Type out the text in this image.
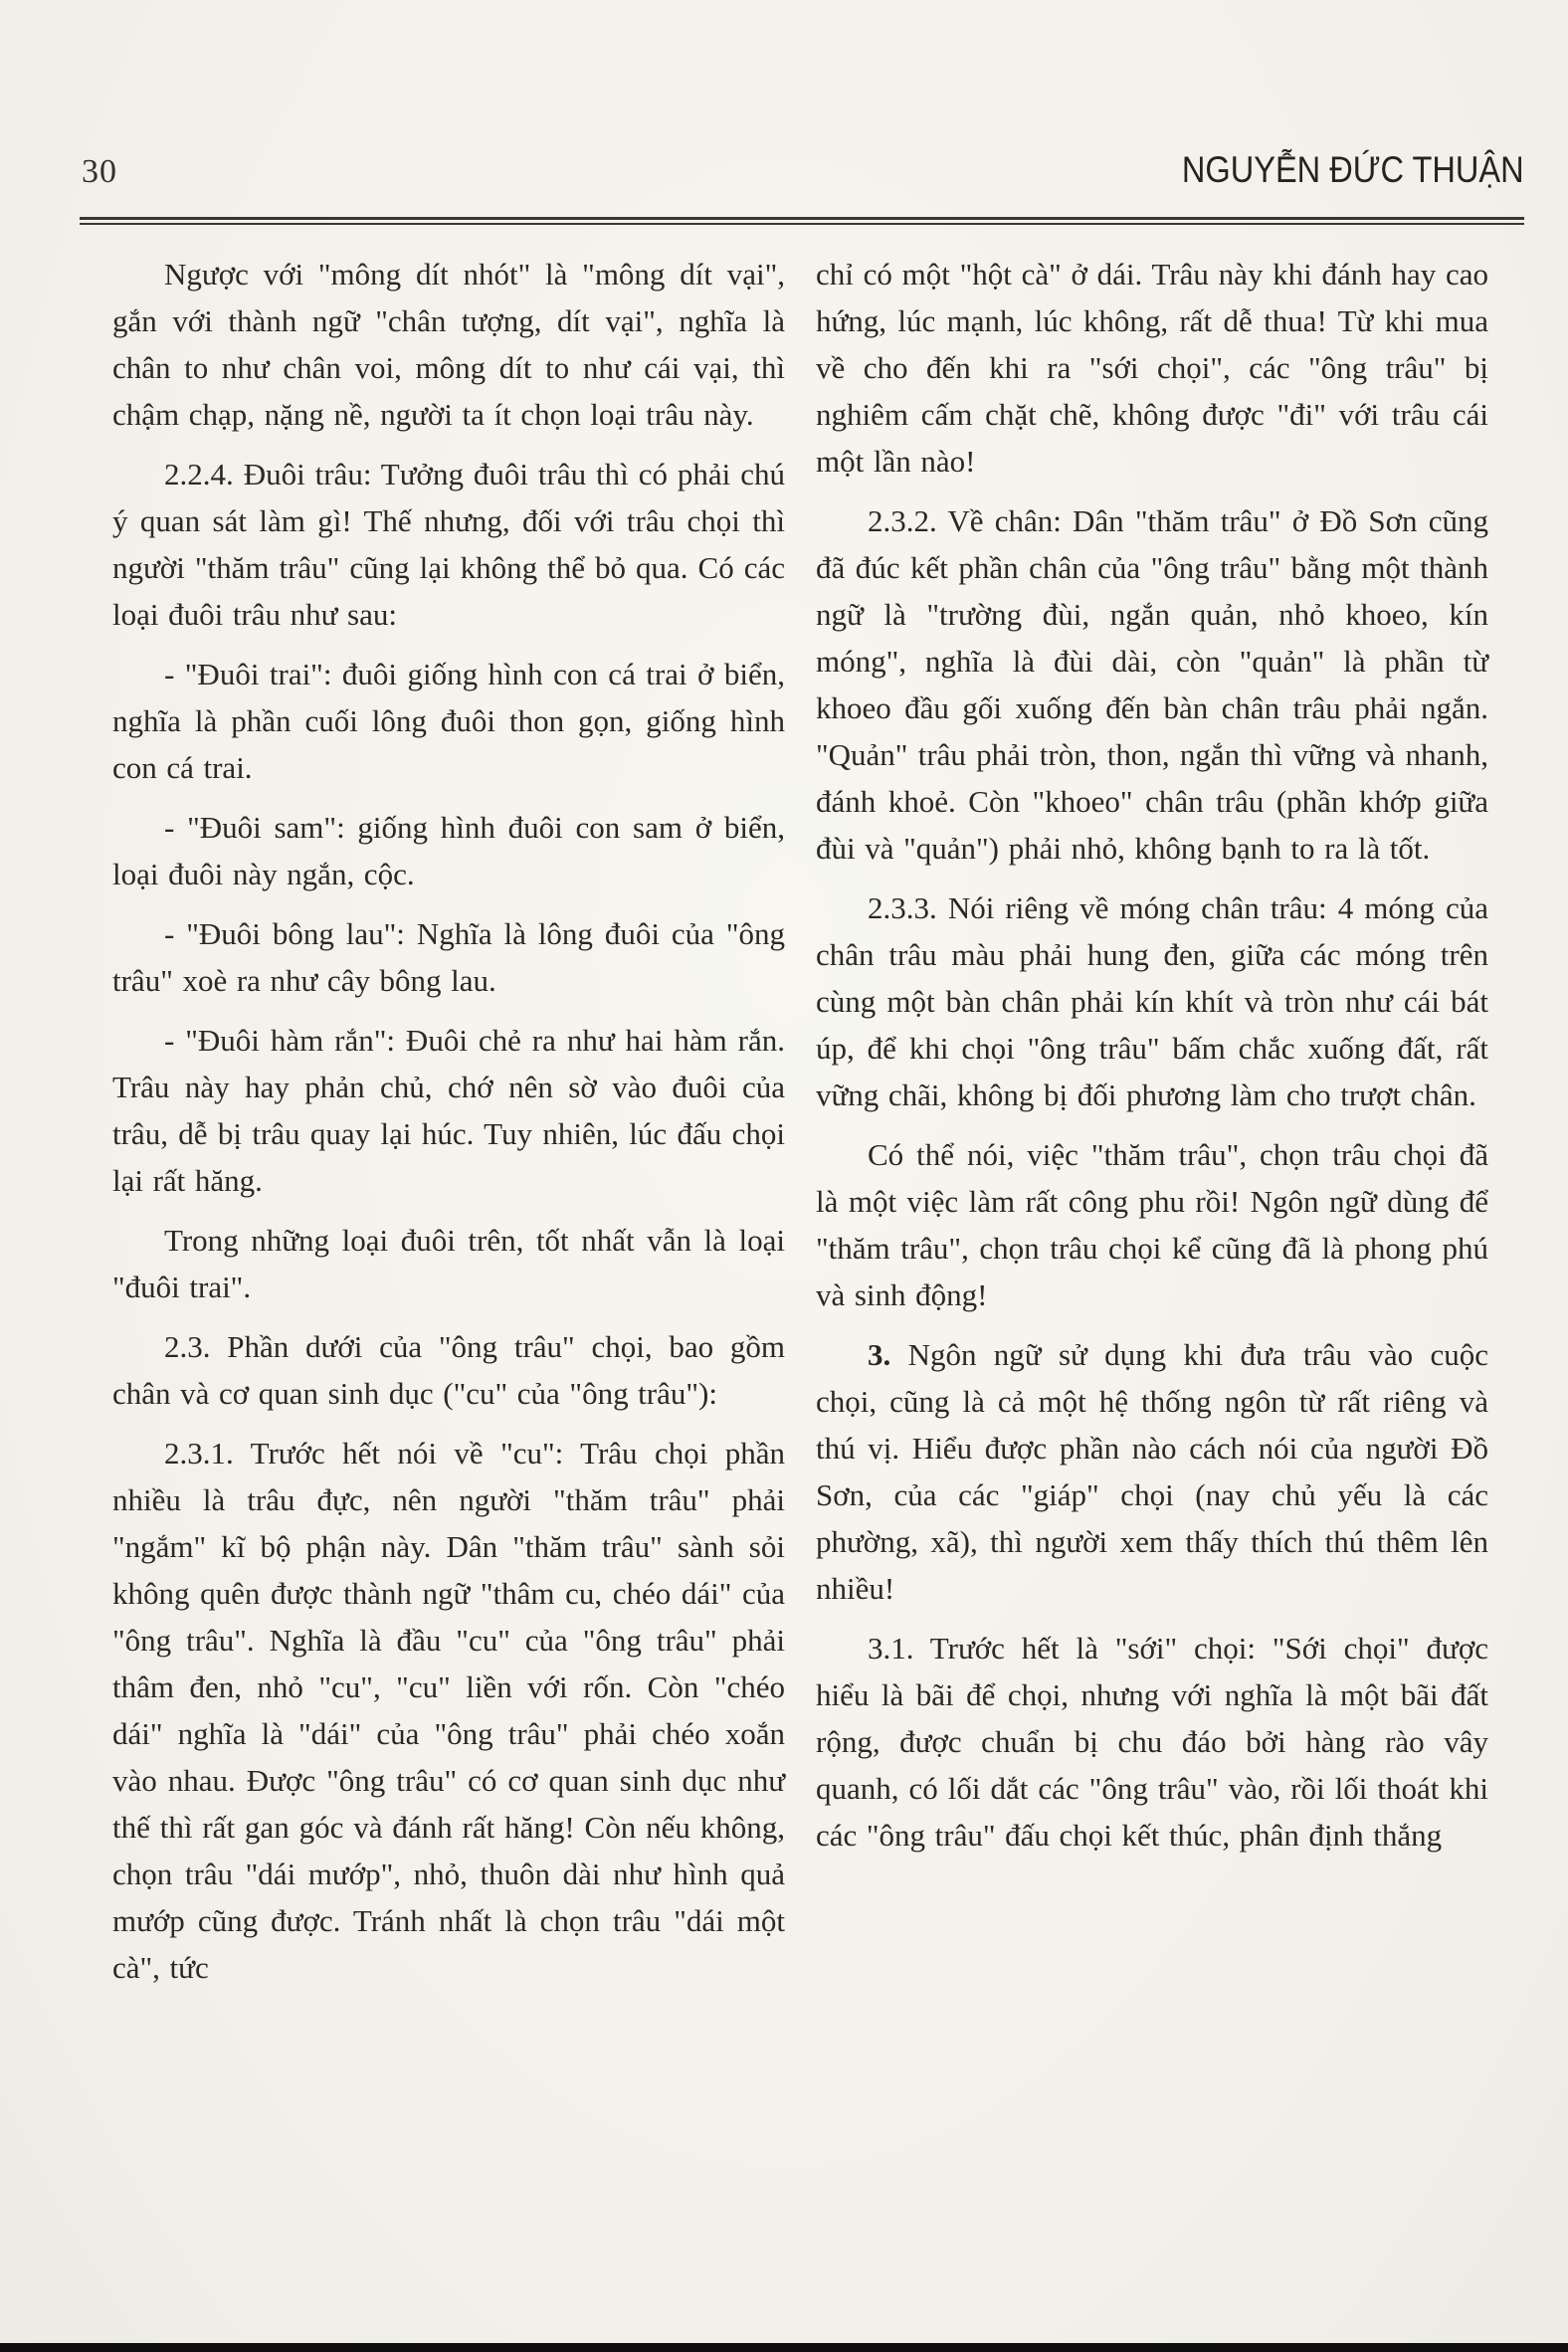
30	NGUYỄN ĐỨC THUẬN

Ngược với "mông dít nhót" là "mông dít vại", gắn với thành ngữ "chân tượng, dít vại", nghĩa là chân to như chân voi, mông dít to như cái vại, thì chậm chạp, nặng nề, người ta ít chọn loại trâu này.

2.2.4. Đuôi trâu: Tưởng đuôi trâu thì có phải chú ý quan sát làm gì! Thế nhưng, đối với trâu chọi thì người "thăm trâu" cũng lại không thể bỏ qua. Có các loại đuôi trâu như sau:

- "Đuôi trai": đuôi giống hình con cá trai ở biển, nghĩa là phần cuối lông đuôi thon gọn, giống hình con cá trai.

- "Đuôi sam": giống hình đuôi con sam ở biển, loại đuôi này ngắn, cộc.

- "Đuôi bông lau": Nghĩa là lông đuôi của "ông trâu" xoè ra như cây bông lau.

- "Đuôi hàm rắn": Đuôi chẻ ra như hai hàm rắn. Trâu này hay phản chủ, chớ nên sờ vào đuôi của trâu, dễ bị trâu quay lại húc. Tuy nhiên, lúc đấu chọi lại rất hăng.

Trong những loại đuôi trên, tốt nhất vẫn là loại "đuôi trai".

2.3. Phần dưới của "ông trâu" chọi, bao gồm chân và cơ quan sinh dục ("cu" của "ông trâu"):

2.3.1. Trước hết nói về "cu": Trâu chọi phần nhiều là trâu đực, nên người "thăm trâu" phải "ngắm" kĩ bộ phận này. Dân "thăm trâu" sành sỏi không quên được thành ngữ "thâm cu, chéo dái" của "ông trâu". Nghĩa là đầu "cu" của "ông trâu" phải thâm đen, nhỏ "cu", "cu" liền với rốn. Còn "chéo dái" nghĩa là "dái" của "ông trâu" phải chéo xoắn vào nhau. Được "ông trâu" có cơ quan sinh dục như thế thì rất gan góc và đánh rất hăng! Còn nếu không, chọn trâu "dái mướp", nhỏ, thuôn dài như hình quả mướp cũng được. Tránh nhất là chọn trâu "dái một cà", tức

chỉ có một "hột cà" ở dái. Trâu này khi đánh hay cao hứng, lúc mạnh, lúc không, rất dễ thua! Từ khi mua về cho đến khi ra "sới chọi", các "ông trâu" bị nghiêm cấm chặt chẽ, không được "đi" với trâu cái một lần nào!

2.3.2. Về chân: Dân "thăm trâu" ở Đồ Sơn cũng đã đúc kết phần chân của "ông trâu" bằng một thành ngữ là "trường đùi, ngắn quản, nhỏ khoeo, kín móng", nghĩa là đùi dài, còn "quản" là phần từ khoeo đầu gối xuống đến bàn chân trâu phải ngắn. "Quản" trâu phải tròn, thon, ngắn thì vững và nhanh, đánh khoẻ. Còn "khoeo" chân trâu (phần khớp giữa đùi và "quản") phải nhỏ, không bạnh to ra là tốt.

2.3.3. Nói riêng về móng chân trâu: 4 móng của chân trâu màu phải hung đen, giữa các móng trên cùng một bàn chân phải kín khít và tròn như cái bát úp, để khi chọi "ông trâu" bấm chắc xuống đất, rất vững chãi, không bị đối phương làm cho trượt chân.

Có thể nói, việc "thăm trâu", chọn trâu chọi đã là một việc làm rất công phu rồi! Ngôn ngữ dùng để "thăm trâu", chọn trâu chọi kể cũng đã là phong phú và sinh động!

3. Ngôn ngữ sử dụng khi đưa trâu vào cuộc chọi, cũng là cả một hệ thống ngôn từ rất riêng và thú vị. Hiểu được phần nào cách nói của người Đồ Sơn, của các "giáp" chọi (nay chủ yếu là các phường, xã), thì người xem thấy thích thú thêm lên nhiều!

3.1. Trước hết là "sới" chọi: "Sới chọi" được hiểu là bãi để chọi, nhưng với nghĩa là một bãi đất rộng, được chuẩn bị chu đáo bởi hàng rào vây quanh, có lối dắt các "ông trâu" vào, rồi lối thoát khi các "ông trâu" đấu chọi kết thúc, phân định thắng
